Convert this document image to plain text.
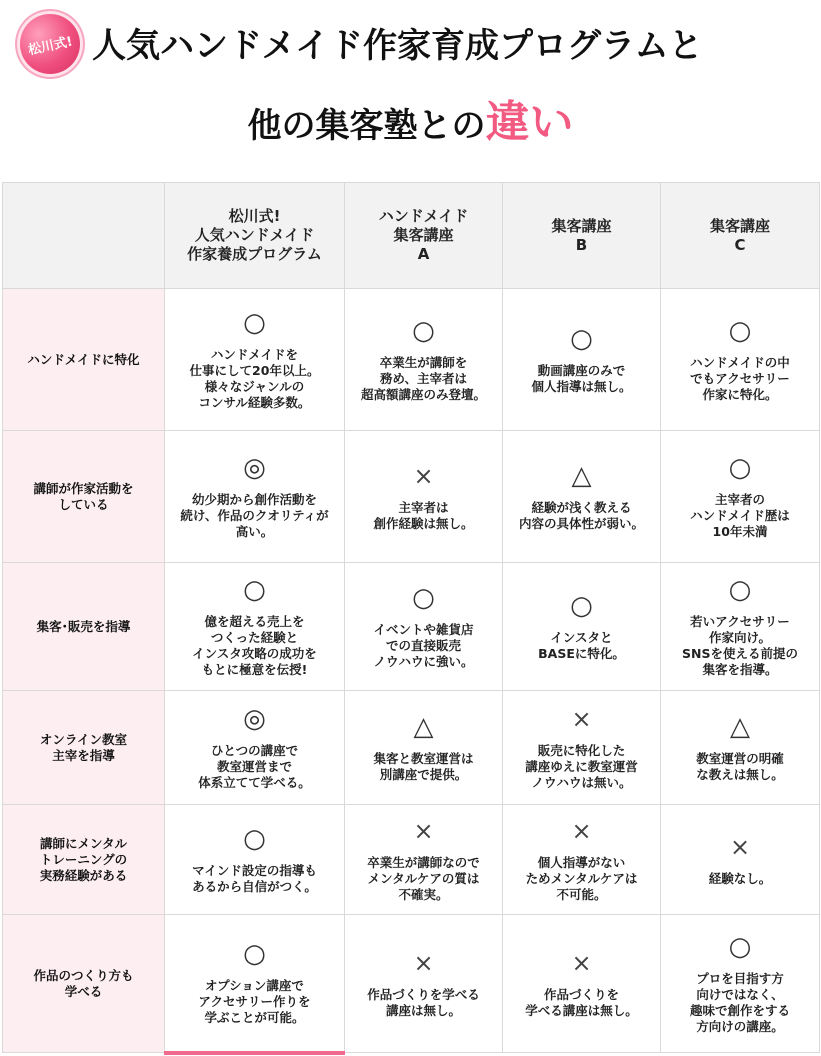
松川式! 人気ハンドメイド作家育成プログラムと
他の集客塾との違い
	松川式!
人気ハンドメイド
作家養成プログラム	ハンドメイド
集客講座
A	集客講座
B	集客講座
C
ハンドメイドに特化	○
ハンドメイドを
仕事にして20年以上。
様々なジャンルの
コンサル経験多数。	○
卒業生が講師を
務め、主宰者は
超高額講座のみ登壇。	○
動画講座のみで
個人指導は無し。	○
ハンドメイドの中
でもアクセサリー
作家に特化。

講師が作家活動を
している	◎
幼少期から創作活動を
続け、作品のクオリティが
高い。	×
主宰者は
創作経験は無し。	△
経験が浅く教える
内容の具体性が弱い。	○
主宰者の
ハンドメイド歴は
10年未満

集客･販売を指導	○
億を超える売上を
つくった経験と
インスタ攻略の成功を
もとに極意を伝授!	○
イベントや雑貨店
での直接販売
ノウハウに強い。	○
インスタと
BASEに特化。	○
若いアクセサリー
作家向け。
SNSを使える前提の
集客を指導。

オンライン教室
主宰を指導	◎
ひとつの講座で
教室運営まで
体系立てて学べる。	△
集客と教室運営は
別講座で提供。	×
販売に特化した
講座ゆえに教室運営
ノウハウは無い。	△
教室運営の明確
な教えは無し。

講師にメンタル
トレーニングの
実務経験がある	○
マインド設定の指導も
あるから自信がつく。	×
卒業生が講師なので
メンタルケアの質は
不確実。	×
個人指導がない
ためメンタルケアは
不可能。	×
経験なし。

作品のつくり方も
学べる	○
オプション講座で
アクセサリー作りを
学ぶことが可能。	×
作品づくりを学べる
講座は無し。	×
作品づくりを
学べる講座は無し。	○
プロを目指す方
向けではなく、
趣味で創作をする
方向けの講座。
